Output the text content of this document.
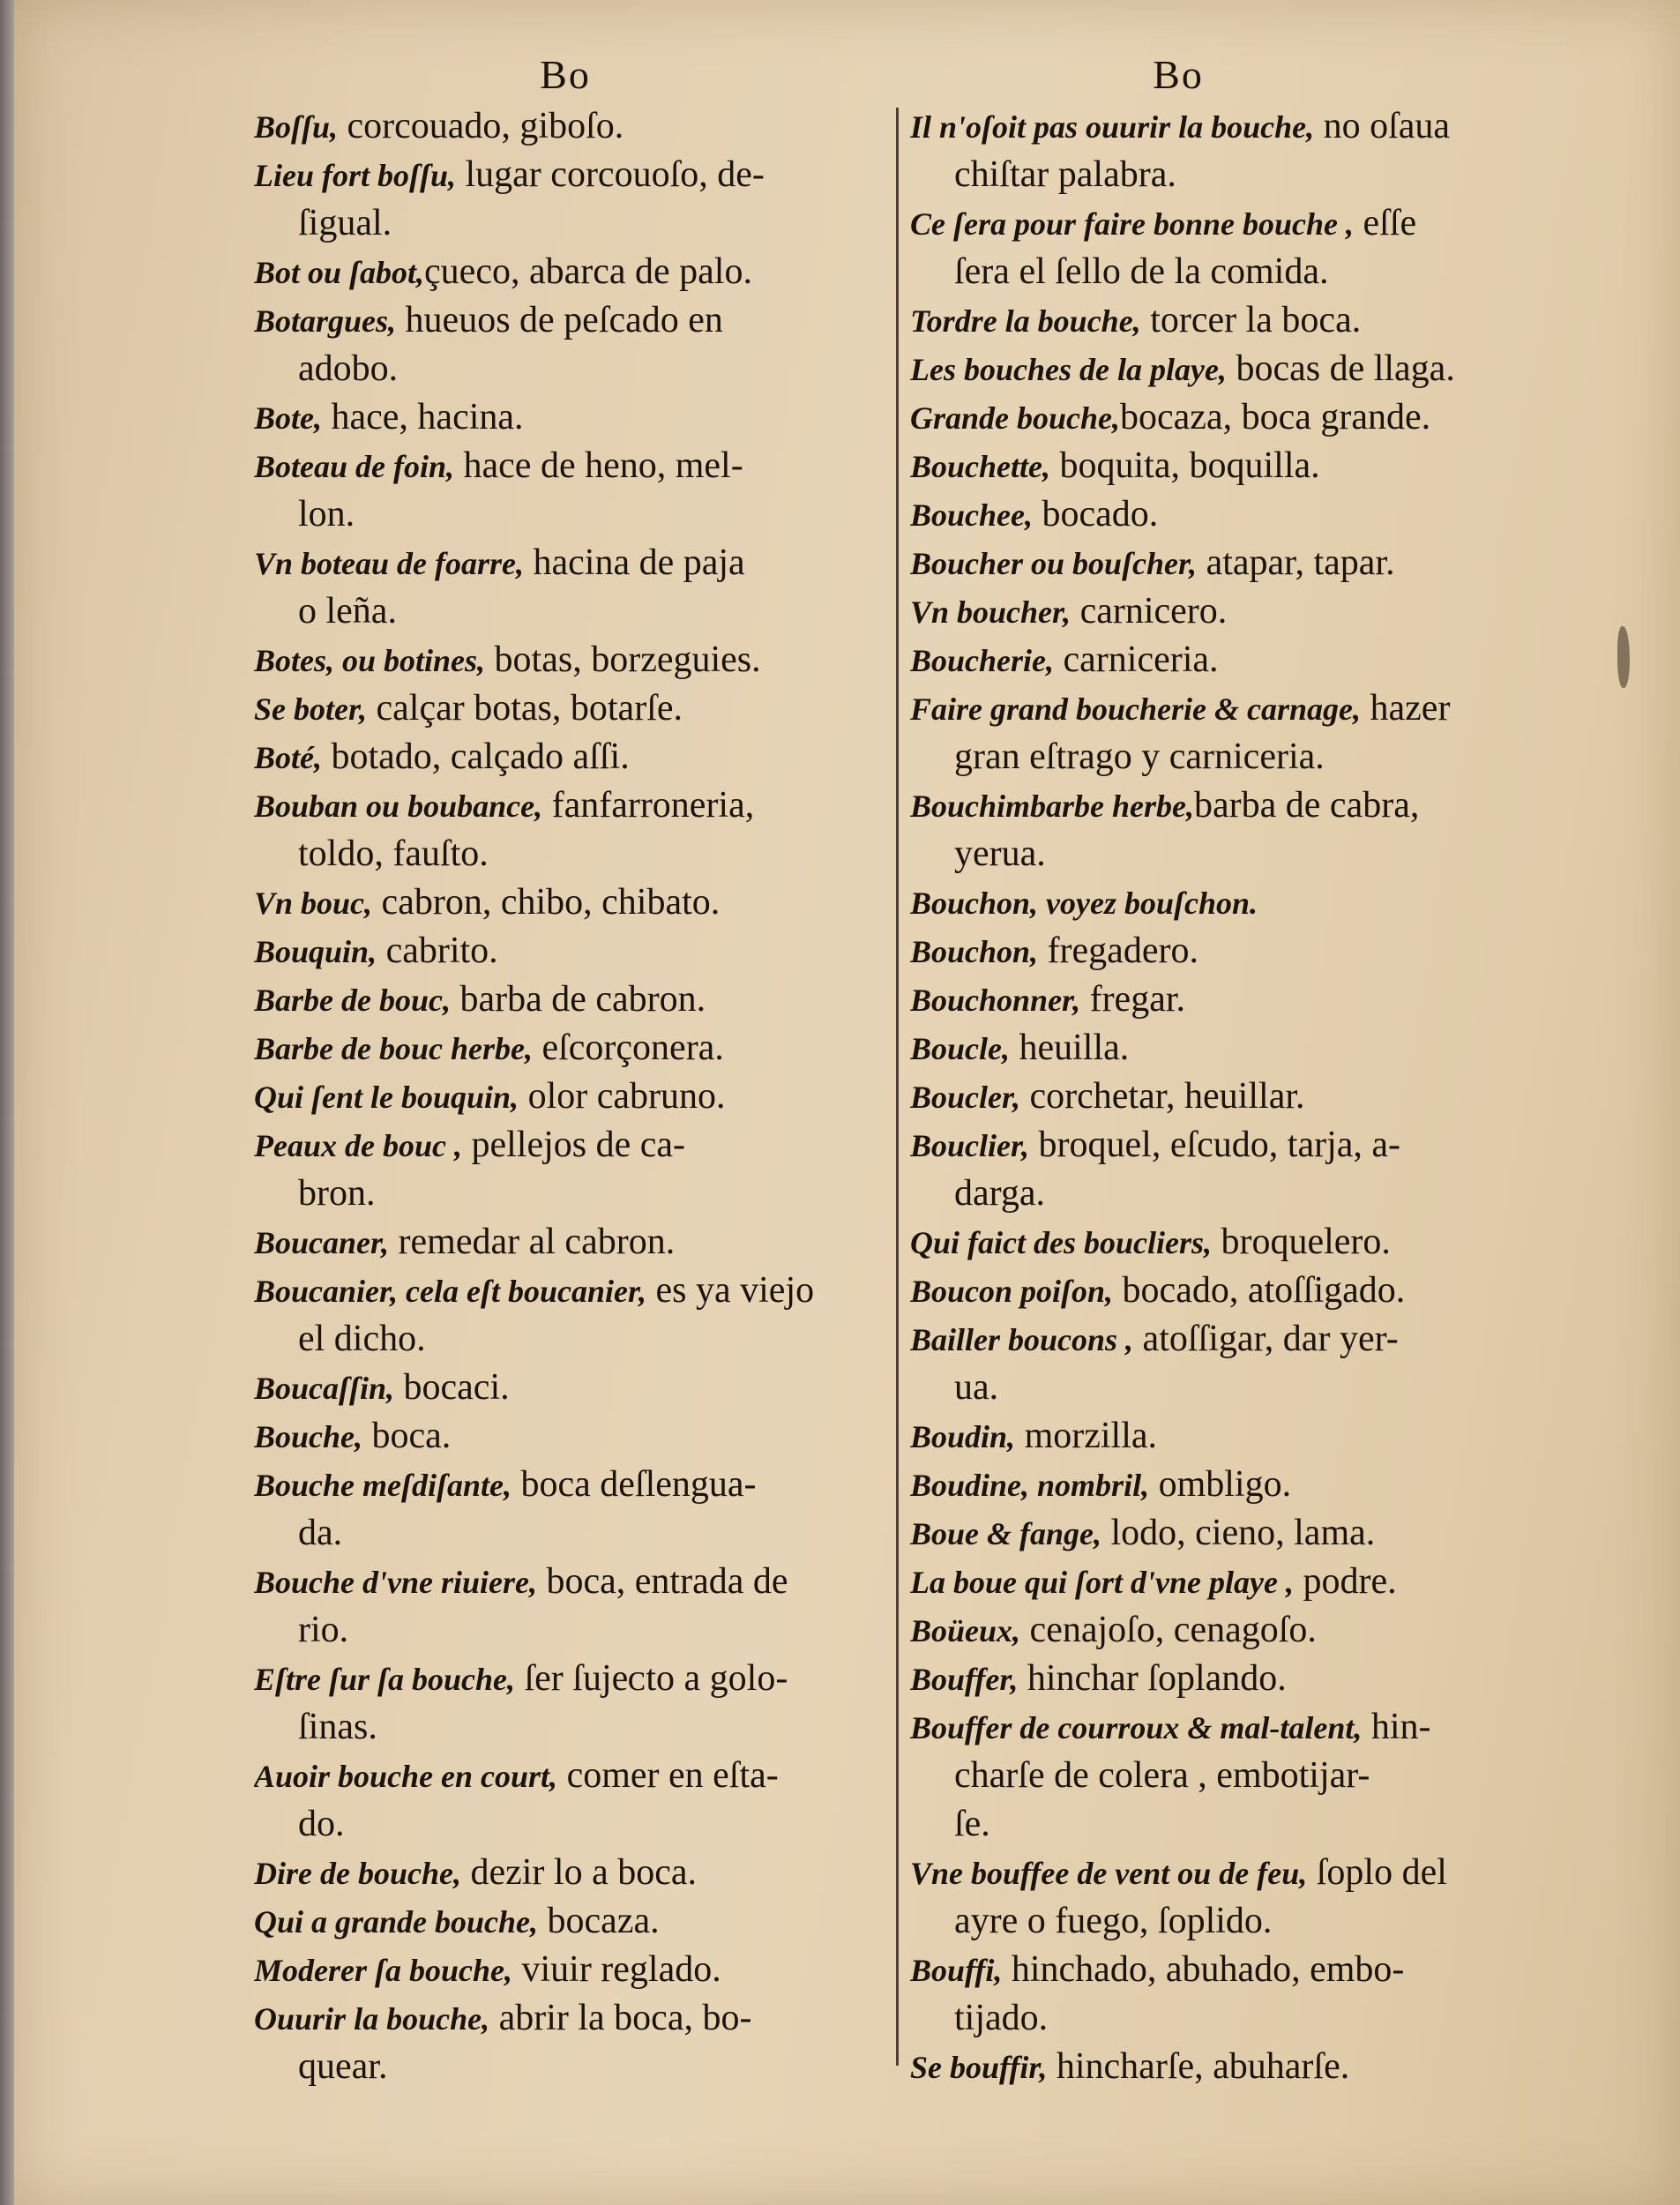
Bo	Bo
Boſſu, corcouado, giboſo.
Lieu fort boſſu, lugar corcouoſo, de-
ſigual.
Bot ou ſabot,çueco, abarca de palo.
Botargues, hueuos de peſcado en
adobo.
Bote, hace, hacina.
Boteau de foin, hace de heno, mel-
lon.
Vn boteau de foarre, hacina de paja
o leña.
Botes, ou botines, botas, borzeguies.
Se boter, calçar botas, botarſe.
Boté, botado, calçado aſſi.
Bouban ou boubance, fanfarroneria,
toldo, fauſto.
Vn bouc, cabron, chibo, chibato.
Bouquin, cabrito.
Barbe de bouc, barba de cabron.
Barbe de bouc herbe, eſcorçonera.
Qui ſent le bouquin, olor cabruno.
Peaux de bouc , pellejos de ca-
bron.
Boucaner, remedar al cabron.
Boucanier, cela eſt boucanier, es ya viejo
el dicho.
Boucaſſin, bocaci.
Bouche, boca.
Bouche meſdiſante, boca deſlengua-
da.
Bouche d'vne riuiere, boca, entrada de
rio.
Eſtre ſur ſa bouche, ſer ſujeᴄto a golo-
ſinas.
Auoir bouche en court, comer en eſta-
do.
Dire de bouche, dezir lo a boca.
Qui a grande bouche, bocaza.
Moderer ſa bouche, viuir reglado.
Ouurir la bouche, abrir la boca, bo-
quear.
Il n'oſoit pas ouurir la bouche, no oſaua
chiſtar palabra.
Ce ſera pour faire bonne bouche , eſſe
ſera el ſello de la comida.
Tordre la bouche, torcer la boca.
Les bouches de la playe, bocas de llaga.
Grande bouche,bocaza, boca grande.
Bouchette, boquita, boquilla.
Bouchee, bocado.
Boucher ou bouſcher, atapar, tapar.
Vn boucher, carnicero.
Boucherie, carniceria.
Faire grand boucherie & carnage, hazer
gran eſtrago y carniceria.
Bouchimbarbe herbe,barba de cabra,
yerua.
Bouchon, voyez bouſchon.
Bouchon, fregadero.
Bouchonner, fregar.
Boucle, heuilla.
Boucler, corchetar, heuillar.
Bouclier, broquel, eſcudo, tarja, a-
darga.
Qui faict des boucliers, broquelero.
Boucon poiſon, bocado, atoſſigado.
Bailler boucons , atoſſigar, dar yer-
ua.
Boudin, morzilla.
Boudine, nombril, ombligo.
Boue & fange, lodo, cieno, lama.
La boue qui ſort d'vne playe , podre.
Boüeux, cenajoſo, cenagoſo.
Bouffer, hinchar ſoplando.
Bouffer de courroux & mal-talent, hin-
charſe de colera , embotijar-
ſe.
Vne bouffee de vent ou de feu, ſoplo del
ayre o fuego, ſoplido.
Bouffi, hinchado, abuhado, embo-
tijado.
Se bouffir, hincharſe, abuharſe.
